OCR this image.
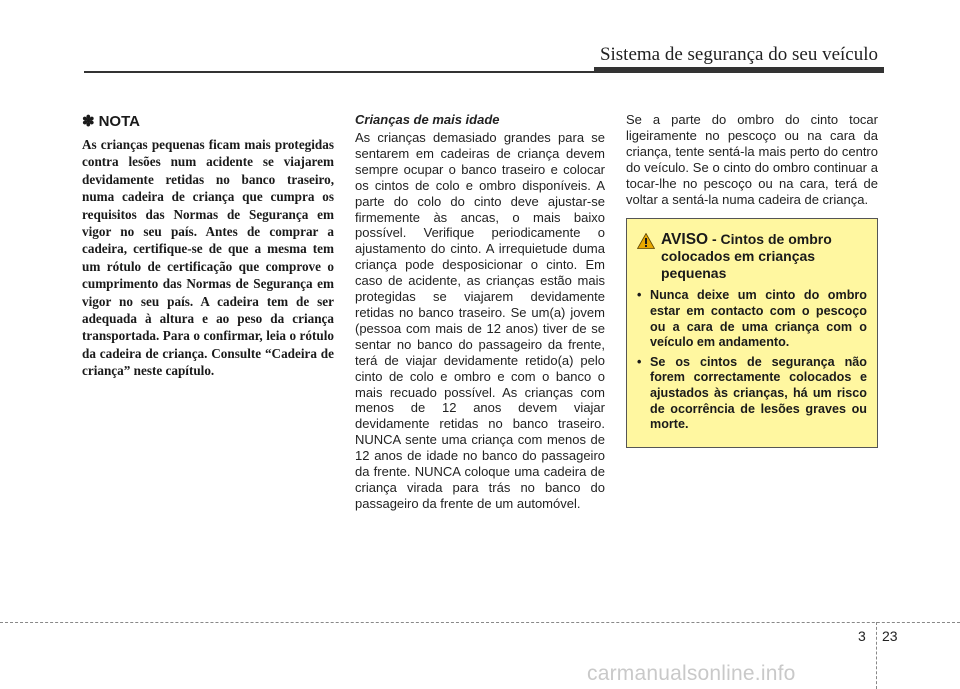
Sistema de segurança do seu veículo
✽ NOTA

As crianças pequenas ficam mais protegidas contra lesões num acidente se viajarem devidamente retidas no banco traseiro, numa cadeira de criança que cumpra os requisitos das Normas de Segurança em vigor no seu país. Antes de comprar a cadeira, certifique-se de que a mesma tem um rótulo de certificação que comprove o cumprimento das Normas de Segurança em vigor no seu país. A cadeira tem de ser adequada à altura e ao peso da criança transportada. Para o confirmar, leia o rótulo da cadeira de criança. Consulte “Cadeira de criança” neste capítulo.

Crianças de mais idade

As crianças demasiado grandes para se sentarem em cadeiras de criança devem sempre ocupar o banco traseiro e colocar os cintos de colo e ombro disponíveis. A parte do colo do cinto deve ajustar-se firmemente às ancas, o mais baixo possível. Verifique periodicamente o ajustamento do cinto. A irrequietude duma criança pode desposicionar o cinto. Em caso de acidente, as crianças estão mais protegidas se viajarem devidamente retidas no banco traseiro. Se um(a) jovem (pessoa com mais de 12 anos) tiver de se sentar no banco do passageiro da frente, terá de viajar devidamente retido(a) pelo cinto de colo e ombro e com o banco o mais recuado possível. As crianças com menos de 12 anos devem viajar devidamente retidas no banco traseiro. NUNCA sente uma criança com menos de 12 anos de idade no banco do passageiro da frente. NUNCA coloque uma cadeira de criança virada para trás no banco do passageiro da frente de um automóvel.

Se a parte do ombro do cinto tocar ligeiramente no pescoço ou na cara da criança, tente sentá-la mais perto do centro do veículo. Se o cinto do ombro continuar a tocar-lhe no pescoço ou na cara, terá de voltar a sentá-la numa cadeira de criança.

AVISO - Cintos de ombro colocados em crianças pequenas
• Nunca deixe um cinto do ombro estar em contacto com o pescoço ou a cara de uma criança com o veículo em andamento.
• Se os cintos de segurança não forem correctamente colocados e ajustados às crianças, há um risco de ocorrência de lesões graves ou morte.
3 23
carmanualsonline.info
